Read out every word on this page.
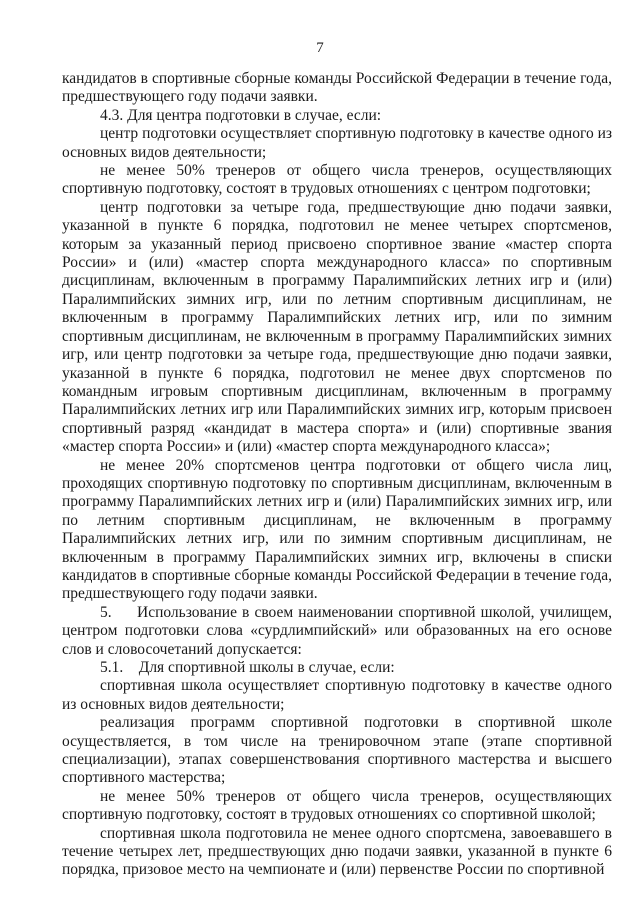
7

кандидатов в спортивные сборные команды Российской Федерации в течение года, предшествующего году подачи заявки.

4.3. Для центра подготовки в случае, если:

центр подготовки осуществляет спортивную подготовку в качестве одного из основных видов деятельности;

не менее 50% тренеров от общего числа тренеров, осуществляющих спортивную подготовку, состоят в трудовых отношениях с центром подготовки;

центр подготовки за четыре года, предшествующие дню подачи заявки, указанной в пункте 6 порядка, подготовил не менее четырех спортсменов, которым за указанный период присвоено спортивное звание «мастер спорта России» и (или) «мастер спорта международного класса» по спортивным дисциплинам, включенным в программу Паралимпийских летних игр и (или) Паралимпийских зимних игр, или по летним спортивным дисциплинам, не включенным в программу Паралимпийских летних игр, или по зимним спортивным дисциплинам, не включенным в программу Паралимпийских зимних игр, или центр подготовки за четыре года, предшествующие дню подачи заявки, указанной в пункте 6 порядка, подготовил не менее двух спортсменов по командным игровым спортивным дисциплинам, включенным в программу Паралимпийских летних игр или Паралимпийских зимних игр, которым присвоен спортивный разряд «кандидат в мастера спорта» и (или) спортивные звания «мастер спорта России» и (или) «мастер спорта международного класса»;

не менее 20% спортсменов центра подготовки от общего числа лиц, проходящих спортивную подготовку по спортивным дисциплинам, включенным в программу Паралимпийских летних игр и (или) Паралимпийских зимних игр, или по летним спортивным дисциплинам, не включенным в программу Паралимпийских летних игр, или по зимним спортивным дисциплинам, не включенным в программу Паралимпийских зимних игр, включены в списки кандидатов в спортивные сборные команды Российской Федерации в течение года, предшествующего году подачи заявки.

5.     Использование в своем наименовании спортивной школой, училищем, центром подготовки слова «сурдлимпийский» или образованных на его основе слов и словосочетаний допускается:

5.1.    Для спортивной школы в случае, если:

спортивная школа осуществляет спортивную подготовку в качестве одного из основных видов деятельности;

реализация программ спортивной подготовки в спортивной школе осуществляется, в том числе на тренировочном этапе (этапе спортивной специализации), этапах совершенствования спортивного мастерства и высшего спортивного мастерства;

не менее 50% тренеров от общего числа тренеров, осуществляющих спортивную подготовку, состоят в трудовых отношениях со спортивной школой;

спортивная школа подготовила не менее одного спортсмена, завоевавшего в течение четырех лет, предшествующих дню подачи заявки, указанной в пункте 6 порядка, призовое место на чемпионате и (или) первенстве России по спортивной
